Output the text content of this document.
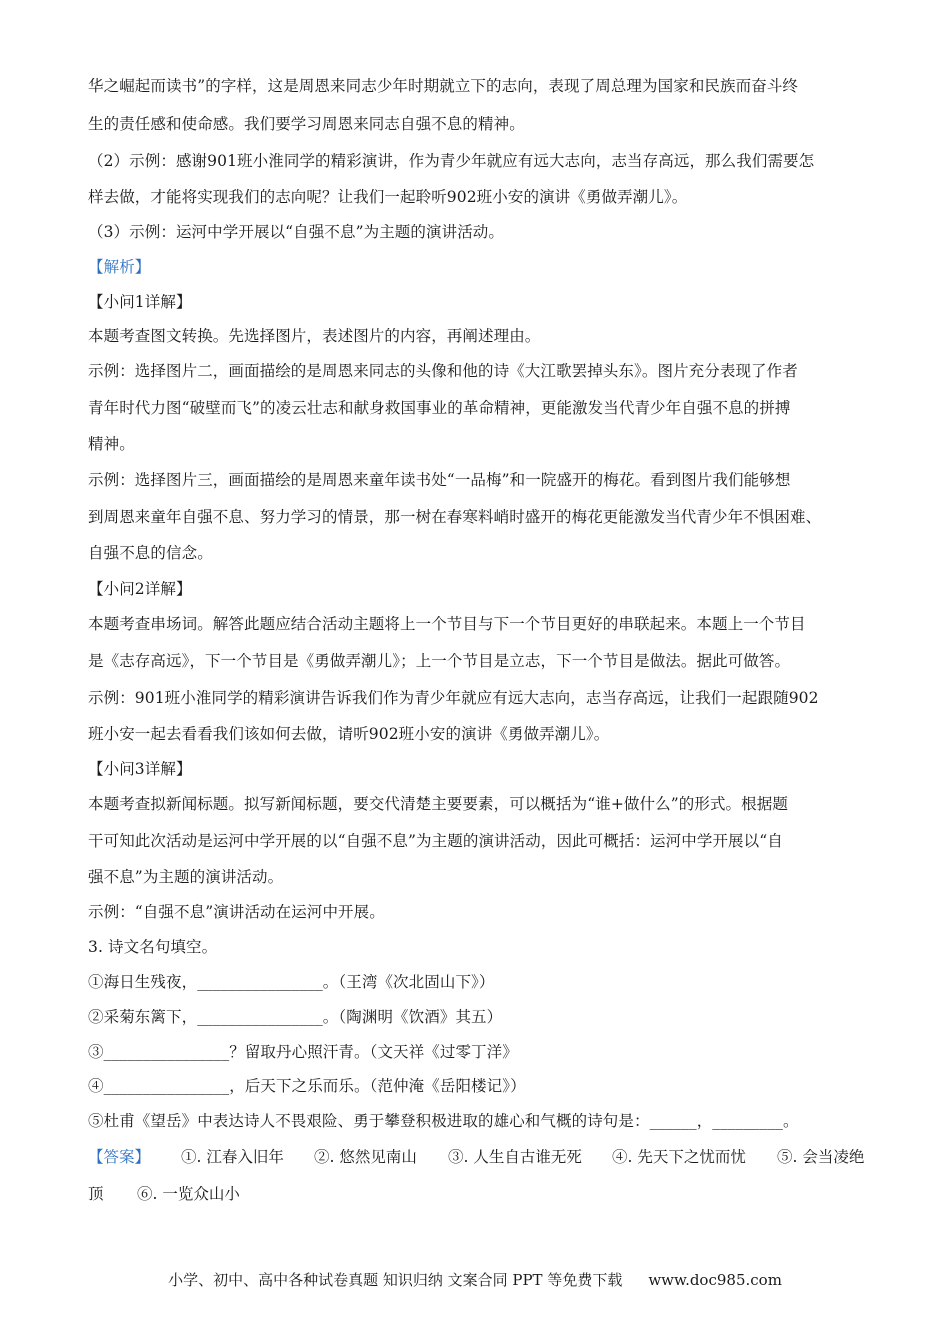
华之崛起而读书”的字样，这是周恩来同志少年时期就立下的志向，表现了周总理为国家和民族而奋斗终
生的责任感和使命感。我们要学习周恩来同志自强不息的精神。
（2）示例：感谢901班小淮同学的精彩演讲，作为青少年就应有远大志向，志当存高远，那么我们需要怎
样去做，才能将实现我们的志向呢？让我们一起聆听902班小安的演讲《勇做弄潮儿》。
（3）示例：运河中学开展以“自强不息”为主题的演讲活动。
【解析】
【小问1详解】
本题考查图文转换。先选择图片，表述图片的内容，再阐述理由。
示例：选择图片二，画面描绘的是周恩来同志的头像和他的诗《大江歌罢掉头东》。图片充分表现了作者
青年时代力图“破壁而飞”的凌云壮志和献身救国事业的革命精神，更能激发当代青少年自强不息的拼搏
精神。
示例：选择图片三，画面描绘的是周恩来童年读书处“一品梅”和一院盛开的梅花。看到图片我们能够想
到周恩来童年自强不息、努力学习的情景，那一树在春寒料峭时盛开的梅花更能激发当代青少年不惧困难、
自强不息的信念。
【小问2详解】
本题考查串场词。解答此题应结合活动主题将上一个节目与下一个节目更好的串联起来。本题上一个节目
是《志存高远》，下一个节目是《勇做弄潮儿》；上一个节目是立志，下一个节目是做法。据此可做答。
示例：901班小淮同学的精彩演讲告诉我们作为青少年就应有远大志向，志当存高远，让我们一起跟随902
班小安一起去看看我们该如何去做，请听902班小安的演讲《勇做弄潮儿》。
【小问3详解】
本题考查拟新闻标题。拟写新闻标题，要交代清楚主要要素，可以概括为“谁+做什么”的形式。根据题
干可知此次活动是运河中学开展的以“自强不息”为主题的演讲活动，因此可概括：运河中学开展以“自
强不息”为主题的演讲活动。
示例：“自强不息”演讲活动在运河中开展。
3. 诗文名句填空。
①海日生残夜，________________。（王湾《次北固山下》）
②采菊东篱下，________________。（陶渊明《饮酒》其五）
③________________？留取丹心照汗青。（文天祥《过零丁洋》
④________________，后天下之乐而乐。（范仲淹《岳阳楼记》）
⑤杜甫《望岳》中表达诗人不畏艰险、勇于攀登积极进取的雄心和气概的诗句是：______，_________。
【答案】 ①. 江春入旧年 ②. 悠然见南山 ③. 人生自古谁无死 ④. 先天下之忧而忧 ⑤. 会当凌绝
顶 ⑥. 一览众山小
小学、初中、高中各种试卷真题 知识归纳 文案合同 PPT 等免费下载 www.doc985.com
